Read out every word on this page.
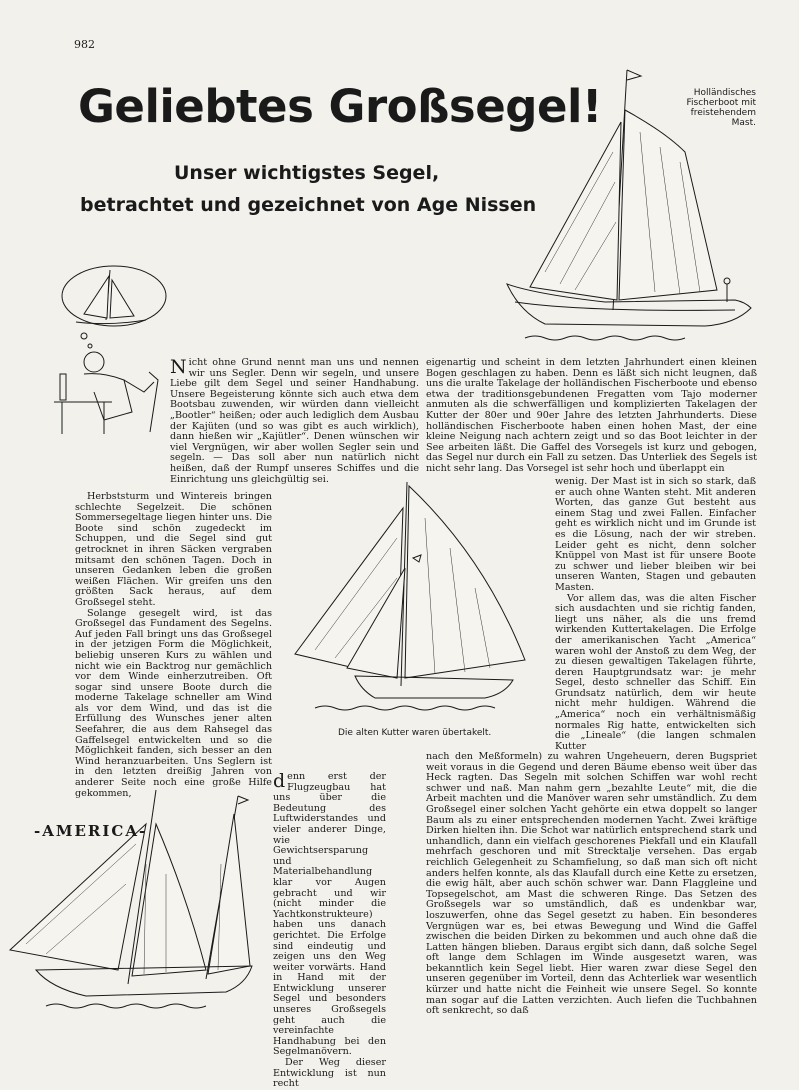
982
Geliebtes Großsegel!
Unser wichtigstes Segel,
betrachtet und gezeichnet von Age Nissen
Holländisches Fischerboot mit freistehendem Mast.
Die alten Kutter waren übertakelt.
-AMERICA-

Nicht ohne Grund nennt man uns und nennen wir uns Segler. Denn wir segeln, und unsere Liebe gilt dem Segel und seiner Handhabung. Unsere Begeisterung könnte sich auch etwa dem Bootsbau zuwenden, wir würden dann vielleicht „Bootler“ heißen; oder auch lediglich dem Ausbau der Kajüten (und so was gibt es auch wirklich), dann hießen wir „Kajütler“. Denen wünschen wir viel Vergnügen, wir aber wollen Segler sein und segeln. — Das soll aber nun natürlich nicht heißen, daß der Rumpf unseres Schiffes und die Einrichtung uns gleichgültig sei.

Herbststurm und Wintereis bringen schlechte Segelzeit. Die schönen Sommersegeltage liegen hinter uns. Die Boote sind schön zugedeckt im Schuppen, und die Segel sind gut getrocknet in ihren Säcken vergraben mitsamt den schönen Tagen. Doch in unseren Gedanken leben die großen weißen Flächen. Wir greifen uns den größten Sack heraus, auf dem Großsegel steht.

Solange gesegelt wird, ist das Großsegel das Fundament des Segelns. Auf jeden Fall bringt uns das Großsegel in der jetzigen Form die Möglichkeit, beliebig unseren Kurs zu wählen und nicht wie ein Backtrog nur gemächlich vor dem Winde einherzutreiben. Oft sogar sind unsere Boote durch die moderne Takelage schneller am Wind als vor dem Wind, und das ist die Erfüllung des Wunsches jener alten Seefahrer, die aus dem Rahsegel das Gaffelsegel entwickelten und so die Möglichkeit fanden, sich besser an den Wind heranzuarbeiten. Uns Seglern ist in den letzten dreißig Jahren von anderer Seite noch eine große Hilfe gekommen,

denn erst der Flugzeugbau hat uns über die Bedeutung des Luftwiderstandes und vieler anderer Dinge, wie Gewichtsersparung und Materialbehandlung klar vor Augen gebracht und wir (nicht minder die Yachtkonstrukteure) haben uns danach gerichtet. Die Erfolge sind eindeutig und zeigen uns den Weg weiter vorwärts. Hand in Hand mit der Entwicklung unserer Segel und besonders unseres Großsegels geht auch die vereinfachte Handhabung bei den Segelmanövern.

Der Weg dieser Entwicklung ist nun recht

eigenartig und scheint in dem letzten Jahrhundert einen kleinen Bogen geschlagen zu haben. Denn es läßt sich nicht leugnen, daß uns die uralte Takelage der holländischen Fischerboote und ebenso etwa der traditionsgebundenen Fregatten vom Tajo moderner anmuten als die schwerfälligen und komplizierten Takelagen der Kutter der 80er und 90er Jahre des letzten Jahrhunderts. Diese holländischen Fischerboote haben einen hohen Mast, der eine kleine Neigung nach achtern zeigt und so das Boot leichter in der See arbeiten läßt. Die Gaffel des Vorsegels ist kurz und gebogen, das Segel nur durch ein Fall zu setzen. Das Unterliek des Segels ist nicht sehr lang. Das Vorsegel ist sehr hoch und überlappt ein

wenig. Der Mast ist in sich so stark, daß er auch ohne Wanten steht. Mit anderen Worten, das ganze Gut besteht aus einem Stag und zwei Fallen. Einfacher geht es wirklich nicht und im Grunde ist es die Lösung, nach der wir streben. Leider geht es nicht, denn solcher Knüppel von Mast ist für unsere Boote zu schwer und lieber bleiben wir bei unseren Wanten, Stagen und gebauten Masten.

Vor allem das, was die alten Fischer sich ausdachten und sie richtig fanden, liegt uns näher, als die uns fremd wirkenden Kuttertakelagen. Die Erfolge der amerikanischen Yacht „America“ waren wohl der Anstoß zu dem Weg, der zu diesen gewaltigen Takelagen führte, deren Hauptgrundsatz war: je mehr Segel, desto schneller das Schiff. Ein Grundsatz natürlich, dem wir heute nicht mehr huldigen. Während die „America“ noch ein verhältnismäßig normales Rig hatte, entwickelten sich die „Lineale“ (die langen schmalen Kutter

nach den Meßformeln) zu wahren Ungeheuern, deren Bugspriet weit voraus in die Gegend und deren Bäume ebenso weit über das Heck ragten. Das Segeln mit solchen Schiffen war wohl recht schwer und naß. Man nahm gern „bezahlte Leute“ mit, die die Arbeit machten und die Manöver waren sehr umständlich. Zu dem Großsegel einer solchen Yacht gehörte ein etwa doppelt so langer Baum als zu einer entsprechenden modernen Yacht. Zwei kräftige Dirken hielten ihn. Die Schot war natürlich entsprechend stark und unhandlich, dann ein vielfach geschorenes Piekfall und ein Klaufall mehrfach geschoren und mit Strecktalje versehen. Das ergab reichlich Gelegenheit zu Schamfielung, so daß man sich oft nicht anders helfen konnte, als das Klaufall durch eine Kette zu ersetzen, die ewig hält, aber auch schön schwer war. Dann Flaggleine und Topsegelschot, am Mast die schweren Ringe. Das Setzen des Großsegels war so umständlich, daß es undenkbar war, loszuwerfen, ohne das Segel gesetzt zu haben. Ein besonderes Vergnügen war es, bei etwas Bewegung und Wind die Gaffel zwischen die beiden Dirken zu bekommen und auch ohne daß die Latten hängen blieben. Daraus ergibt sich dann, daß solche Segel oft lange dem Schlagen im Winde ausgesetzt waren, was bekanntlich kein Segel liebt. Hier waren zwar diese Segel den unseren gegenüber im Vorteil, denn das Achterliek war wesentlich kürzer und hatte nicht die Feinheit wie unsere Segel. So konnte man sogar auf die Latten verzichten. Auch liefen die Tuchbahnen oft senkrecht, so daß
